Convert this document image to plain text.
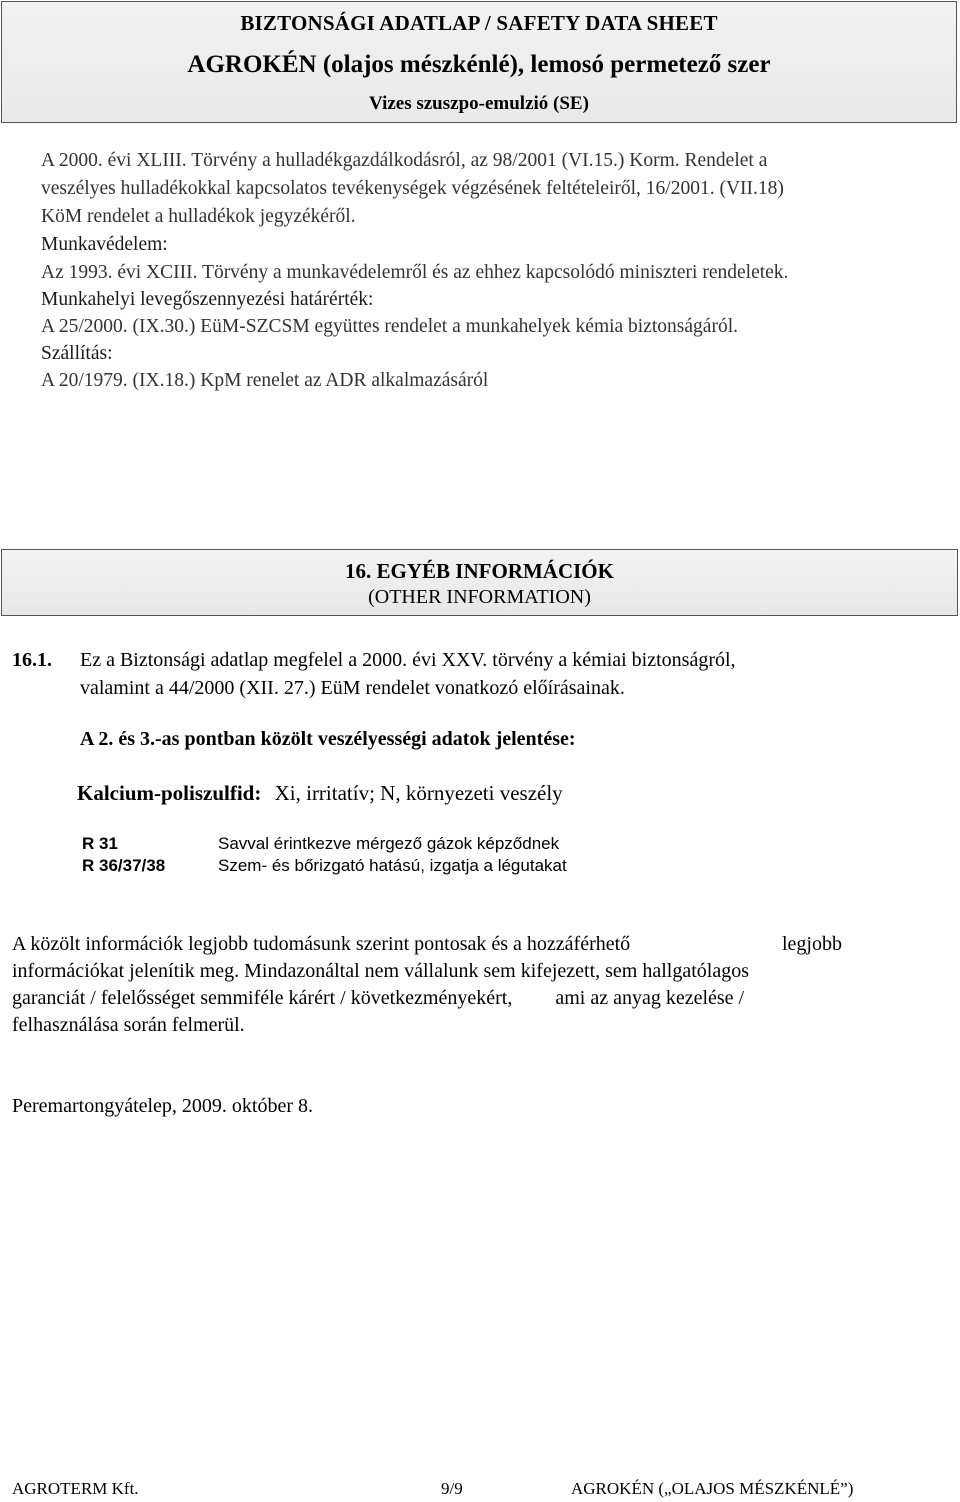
BIZTONSÁGI ADATLAP / SAFETY DATA SHEET
AGROKÉN (olajos mészkénlé), lemosó permetező szer
Vizes szuszpo-emulzió (SE)
A 2000. évi XLIII. Törvény a hulladékgazdálkodásról, az 98/2001 (VI.15.) Korm. Rendelet a
veszélyes hulladékokkal kapcsolatos tevékenységek végzésének feltételeiről, 16/2001. (VII.18)
KöM rendelet a hulladékok jegyzékéről.
Munkavédelem:
Az 1993. évi XCIII. Törvény a munkavédelemről és az ehhez kapcsolódó miniszteri rendeletek.
Munkahelyi levegőszennyezési határérték:
A 25/2000. (IX.30.) EüM-SZCSM együttes rendelet a munkahelyek kémia biztonságáról.
Szállítás:
A 20/1979. (IX.18.) KpM renelet az ADR alkalmazásáról
16. EGYÉB INFORMÁCIÓK
(OTHER INFORMATION)
16.1. Ez a Biztonsági adatlap megfelel a 2000. évi XXV. törvény a kémiai biztonságról,
valamint a 44/2000 (XII. 27.) EüM rendelet vonatkozó előírásainak.
A 2. és 3.-as pontban közölt veszélyességi adatok jelentése:
Kalcium-poliszulfid: Xi, irritatív; N, környezeti veszély
R 31	Savval érintkezve mérgező gázok képződnek
R 36/37/38	Szem- és bőrizgató hatású, izgatja a légutakat
A közölt információk legjobb tudomásunk szerint pontosak és a hozzáférhető	legjobb
információkat jelenítik meg. Mindazonáltal nem vállalunk sem kifejezett, sem hallgatólagos
garanciát / felelősséget semmiféle kárért / következményekért, ami az anyag kezelése /
felhasználása során felmerül.
Peremartongyátelep, 2009. október 8.
AGROTERM Kft.	9/9	AGROKÉN („OLAJOS MÉSZKÉNLÉ”)
